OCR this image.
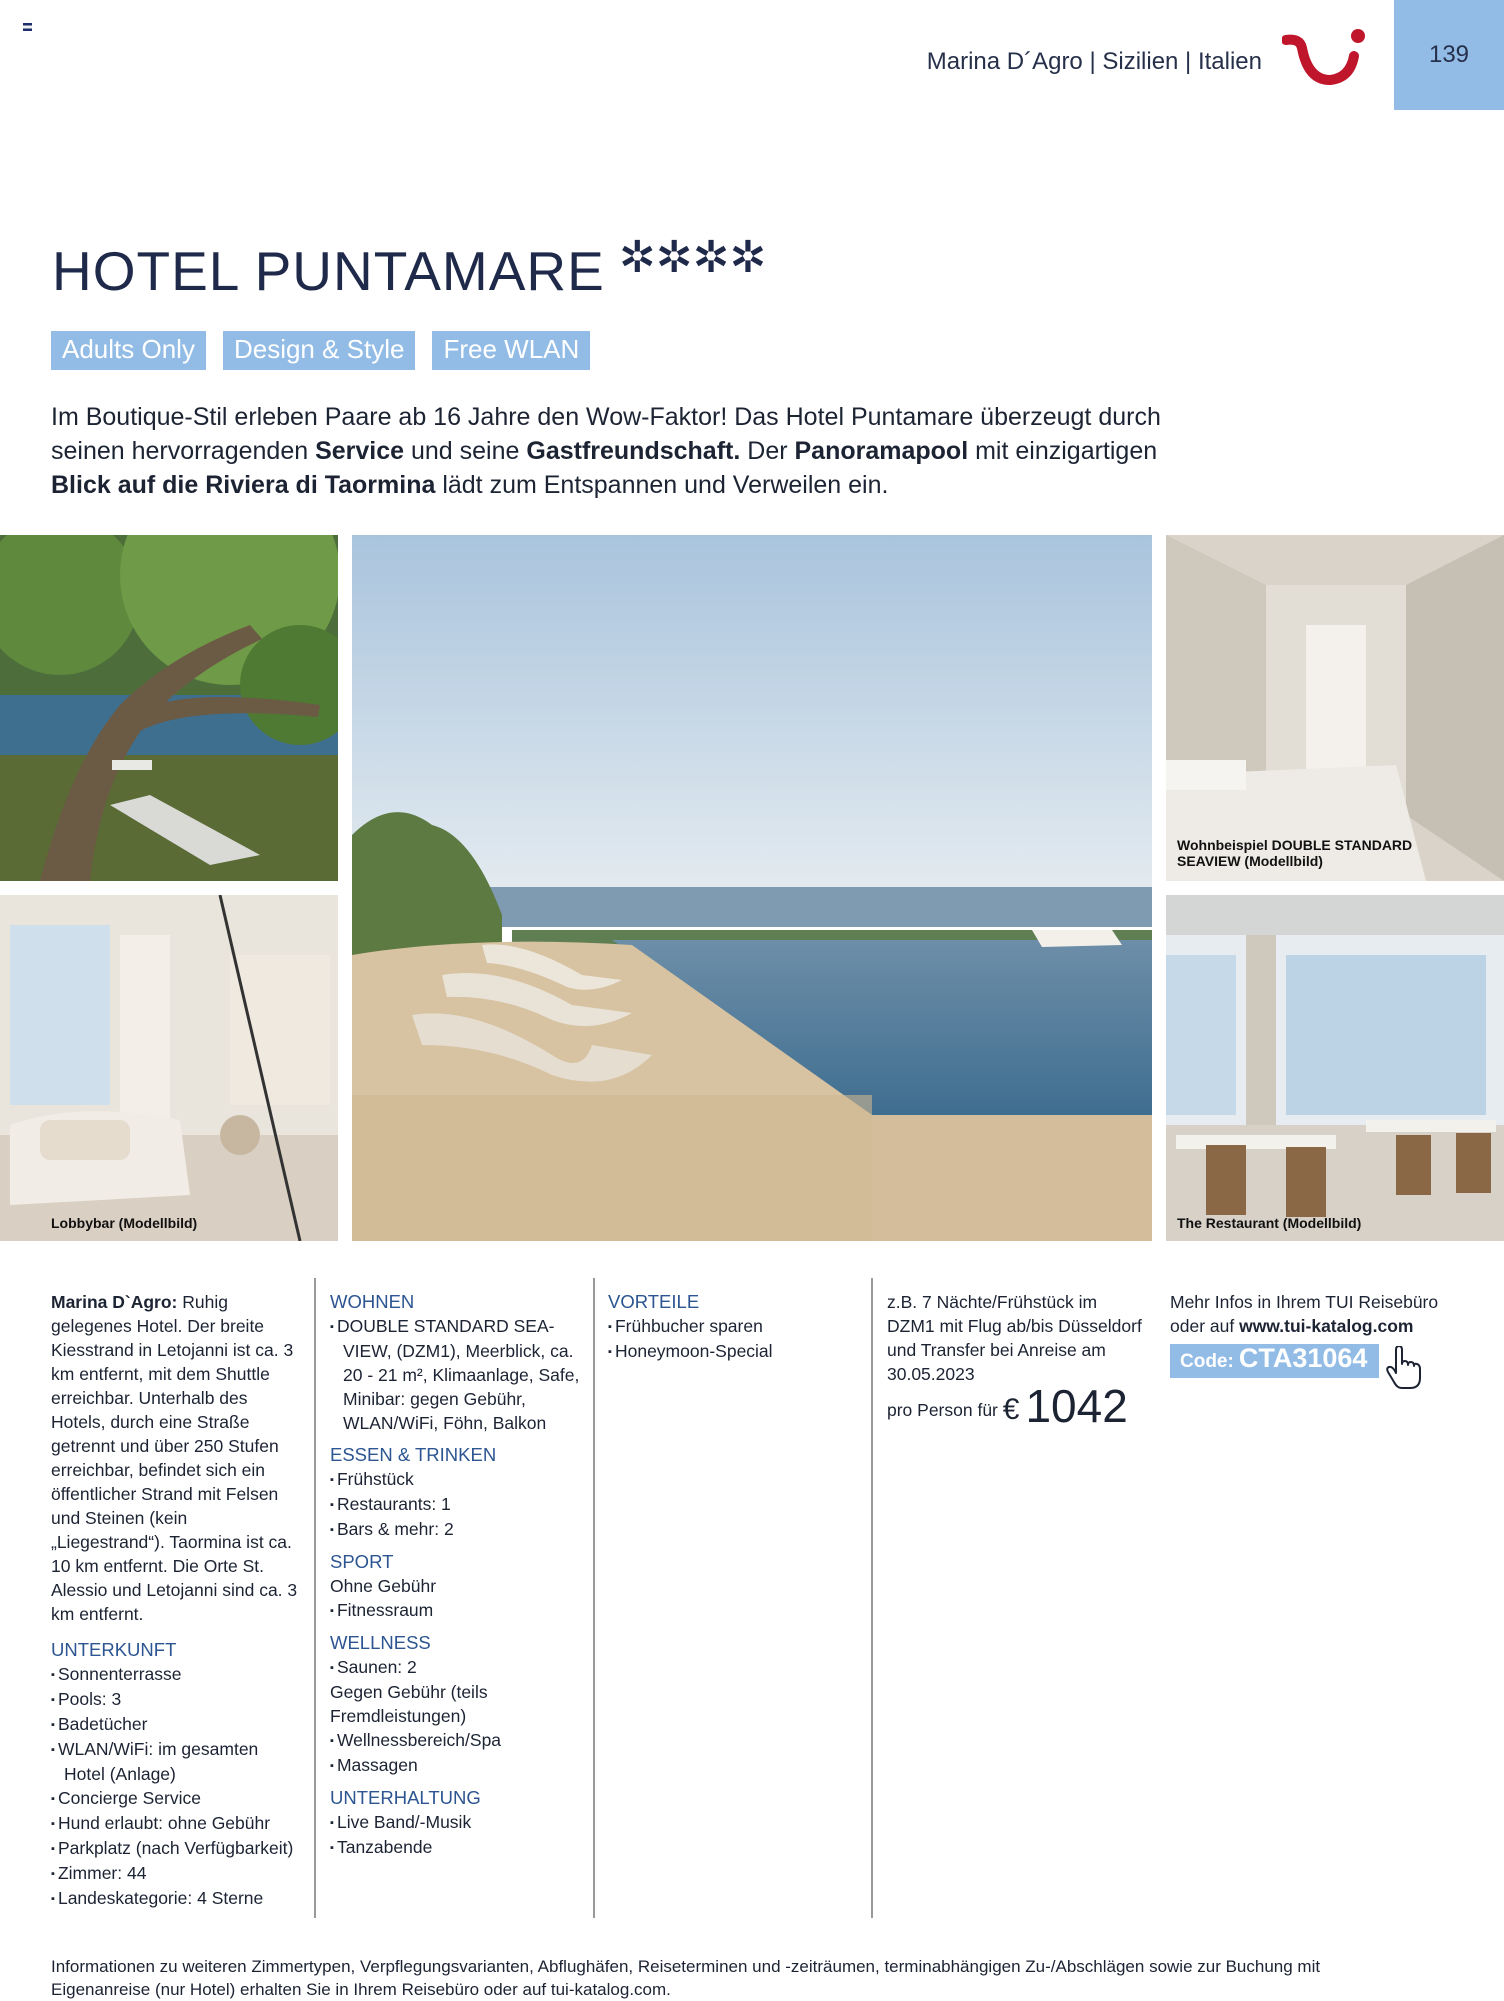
Marina D´Agro | Sizilien | Italien	139
HOTEL PUNTAMARE ✲✲✲✲
Adults Only	Design & Style	Free WLAN
Im Boutique-Stil erleben Paare ab 16 Jahre den Wow-Faktor! Das Hotel Puntamare überzeugt durch seinen hervorragenden Service und seine Gastfreundschaft. Der Panoramapool mit einzigartigen Blick auf die Riviera di Taormina lädt zum Entspannen und Verweilen ein.
Lobbybar (Modellbild)
Wohnbeispiel DOUBLE STANDARD SEAVIEW (Modellbild)
The Restaurant (Modellbild)
Marina D`Agro: Ruhig gelegenes Hotel. Der breite Kiesstrand in Letojanni ist ca. 3 km entfernt, mit dem Shuttle erreichbar. Unterhalb des Hotels, durch eine Straße getrennt und über 250 Stufen erreichbar, befindet sich ein öffentlicher Strand mit Felsen und Steinen (kein „Liegestrand“). Taormina ist ca. 10 km entfernt. Die Orte St. Alessio und Letojanni sind ca. 3 km entfernt.
UNTERKUNFT
▪ Sonnenterrasse
▪ Pools: 3
▪ Badetücher
▪ WLAN/WiFi: im gesamten Hotel (Anlage)
▪ Concierge Service
▪ Hund erlaubt: ohne Gebühr
▪ Parkplatz (nach Verfügbarkeit)
▪ Zimmer: 44
▪ Landeskategorie: 4 Sterne
WOHNEN
▪ DOUBLE STANDARD SEA-VIEW, (DZM1), Meerblick, ca. 20 - 21 m², Klimaanlage, Safe, Minibar: gegen Gebühr, WLAN/WiFi, Föhn, Balkon
ESSEN & TRINKEN
▪ Frühstück
▪ Restaurants: 1
▪ Bars & mehr: 2
SPORT
Ohne Gebühr
▪ Fitnessraum
WELLNESS
▪ Saunen: 2
Gegen Gebühr (teils Fremdleistungen)
▪ Wellnessbereich/Spa
▪ Massagen
UNTERHALTUNG
▪ Live Band/-Musik
▪ Tanzabende
VORTEILE
▪ Frühbucher sparen
▪ Honeymoon-Special
z.B. 7 Nächte/Frühstück im DZM1 mit Flug ab/bis Düsseldorf und Transfer bei Anreise am 30.05.2023
pro Person für € 1042
Mehr Infos in Ihrem TUI Reisebüro oder auf www.tui-katalog.com
Code: CTA31064
Informationen zu weiteren Zimmertypen, Verpflegungsvarianten, Abflughäfen, Reiseterminen und -zeiträumen, terminabhängigen Zu-/Abschlägen sowie zur Buchung mit Eigenanreise (nur Hotel) erhalten Sie in Ihrem Reisebüro oder auf tui-katalog.com.
